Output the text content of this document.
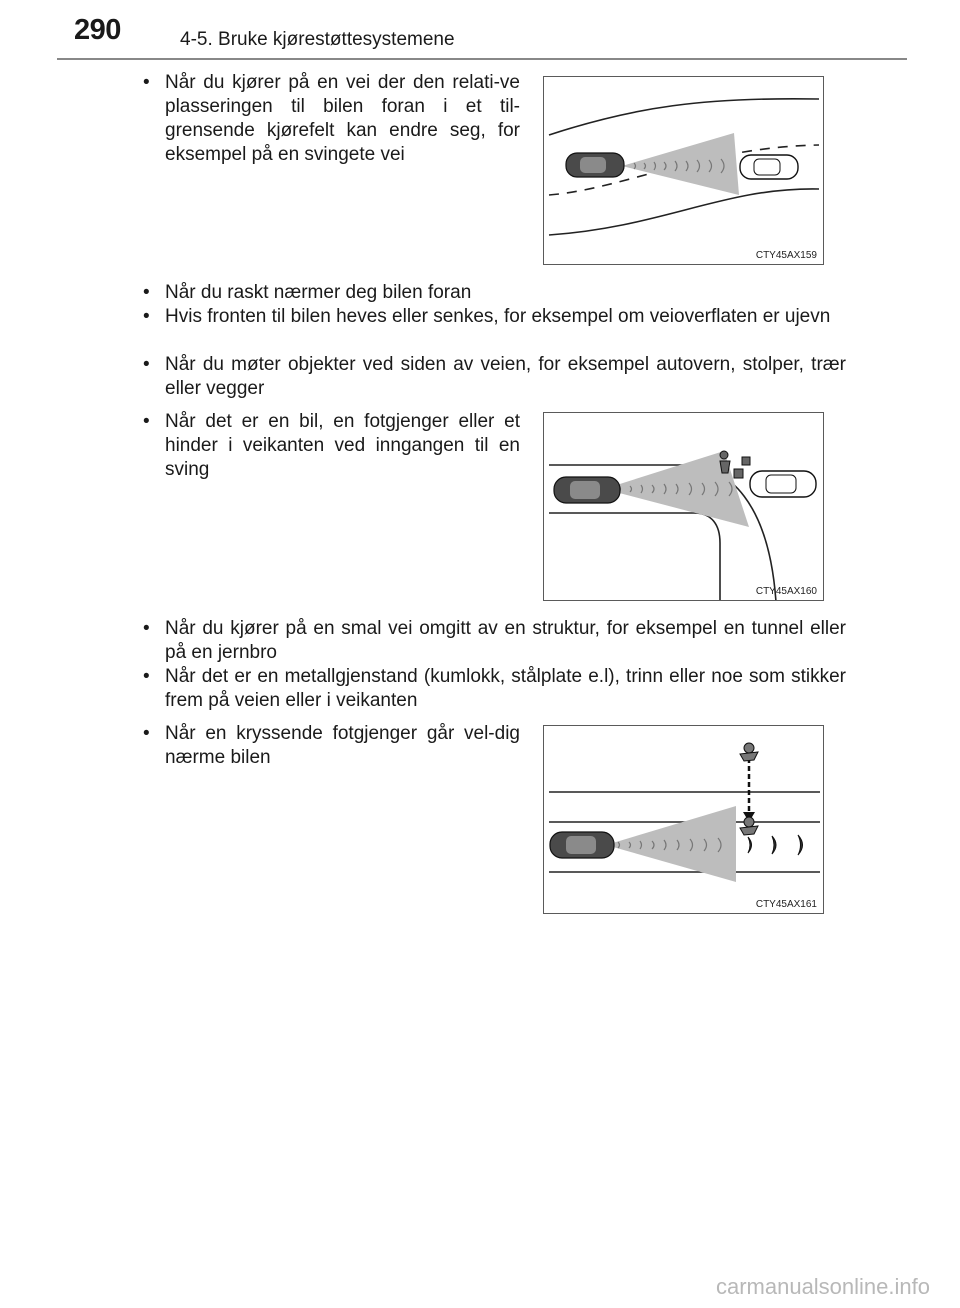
290	4-5. Bruke kjørestøttesystemene
• Når du kjører på en vei der den relati-ve plasseringen til bilen foran i et til-grensende kjørefelt kan endre seg, for eksempel på en svingete vei
CTY45AX159
• Når du raskt nærmer deg bilen foran
• Hvis fronten til bilen heves eller senkes, for eksempel om veioverflaten er ujevn
• Når du møter objekter ved siden av veien, for eksempel autovern, stolper, trær eller vegger
• Når det er en bil, en fotgjenger eller et hinder i veikanten ved inngangen til en sving
CTY45AX160
• Når du kjører på en smal vei omgitt av en struktur, for eksempel en tunnel eller på en jernbro
• Når det er en metallgjenstand (kumlokk, stålplate e.l), trinn eller noe som stikker frem på veien eller i veikanten
• Når en kryssende fotgjenger går vel-dig nærme bilen
CTY45AX161
carmanualsonline.info
